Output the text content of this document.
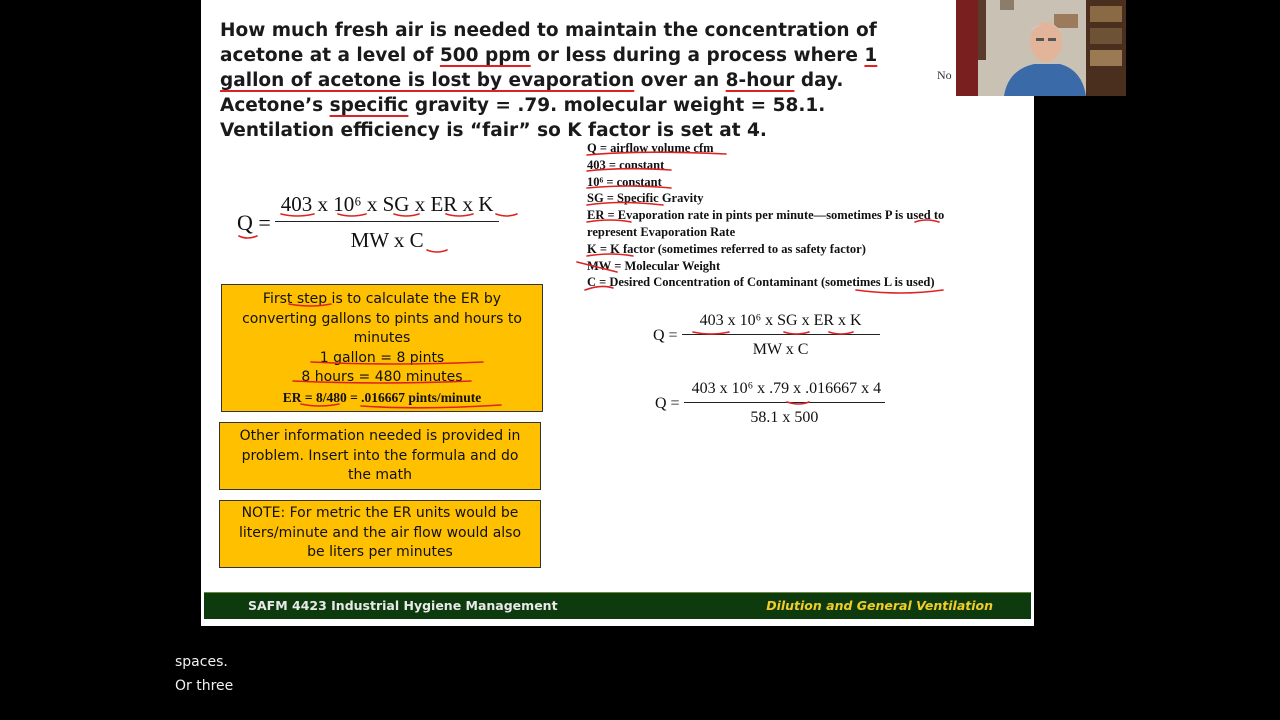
How much fresh air is needed to maintain the concentration of acetone at a level of 500 ppm or less during a process where 1 gallon of acetone is lost by evaporation over an 8-hour day. Acetone’s specific gravity = .79. molecular weight = 58.1. Ventilation efficiency is “fair” so K factor is set at 4.

$Q = \frac{\text{403 x 10⁶ x SG x ER x K}}{\text{MW x C}}$
Q = airflow volume cfm
403 = constant
10⁶ = constant
SG = Specific Gravity
ER = Evaporation rate in pints per minute—sometimes P is used to
represent Evaporation Rate
K = K factor (sometimes referred to as safety factor)
MW = Molecular Weight
C = Desired Concentration of Contaminant (sometimes L is used)
$Q = \frac{\text{403 x 10⁶ x SG x ER x K}}{\text{MW x C}}$
$Q = \frac{\text{403 x 10⁶ x .79 x .016667 x 4}}{58.1 x 500}$
First step is to calculate the ER by converting gallons to pints and hours to minutes
1 gallon = 8 pints
8 hours = 480 minutes
ER = 8/480 = .016667 pints/minute
Other information needed is provided in problem. Insert into the formula and do the math
NOTE: For metric the ER units would be liters/minute and the air flow would also be liters per minutes
SAFM 4423 Industrial Hygiene Management	Dilution and General Ventilation
No
spaces.
Or three
